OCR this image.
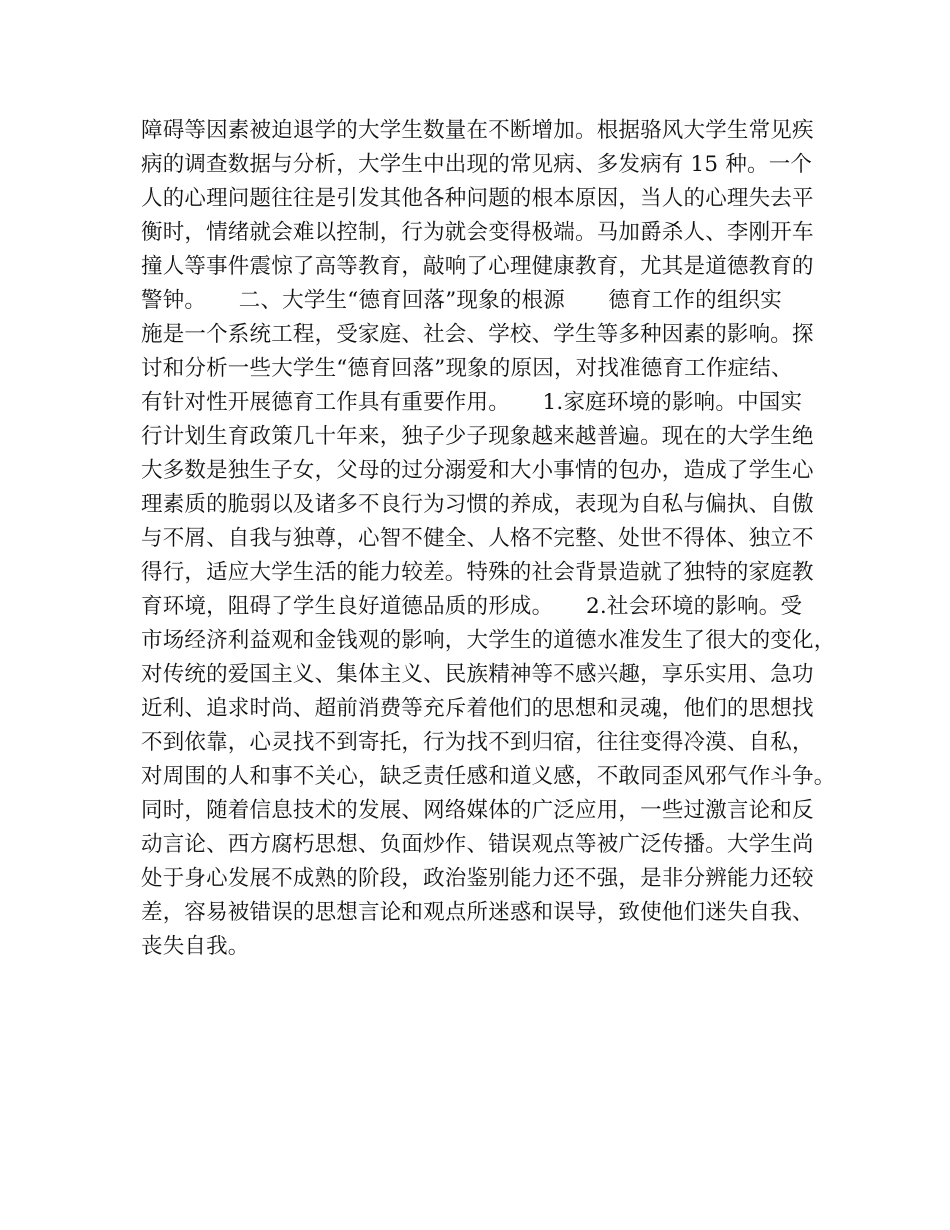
障碍等因素被迫退学的大学生数量在不断增加。根据骆风大学生常见疾
病的调查数据与分析，大学生中出现的常见病、多发病有 15 种。一个
人的心理问题往往是引发其他各种问题的根本原因，当人的心理失去平
衡时，情绪就会难以控制，行为就会变得极端。马加爵杀人、李刚开车
撞人等事件震惊了高等教育，敲响了心理健康教育，尤其是道德教育的
警钟。　　二、大学生“德育回落”现象的根源　　德育工作的组织实
施是一个系统工程，受家庭、社会、学校、学生等多种因素的影响。探
讨和分析一些大学生“德育回落”现象的原因，对找准德育工作症结、
有针对性开展德育工作具有重要作用。　　1.家庭环境的影响。中国实
行计划生育政策几十年来，独子少子现象越来越普遍。现在的大学生绝
大多数是独生子女，父母的过分溺爱和大小事情的包办，造成了学生心
理素质的脆弱以及诸多不良行为习惯的养成，表现为自私与偏执、自傲
与不屑、自我与独尊，心智不健全、人格不完整、处世不得体、独立不
得行，适应大学生活的能力较差。特殊的社会背景造就了独特的家庭教
育环境，阻碍了学生良好道德品质的形成。　　2.社会环境的影响。受
市场经济利益观和金钱观的影响，大学生的道德水准发生了很大的变化，
对传统的爱国主义、集体主义、民族精神等不感兴趣，享乐实用、急功
近利、追求时尚、超前消费等充斥着他们的思想和灵魂，他们的思想找
不到依靠，心灵找不到寄托，行为找不到归宿，往往变得冷漠、自私，
对周围的人和事不关心，缺乏责任感和道义感，不敢同歪风邪气作斗争。
同时，随着信息技术的发展、网络媒体的广泛应用，一些过激言论和反
动言论、西方腐朽思想、负面炒作、错误观点等被广泛传播。大学生尚
处于身心发展不成熟的阶段，政治鉴别能力还不强，是非分辨能力还较
差，容易被错误的思想言论和观点所迷惑和误导，致使他们迷失自我、
丧失自我。
